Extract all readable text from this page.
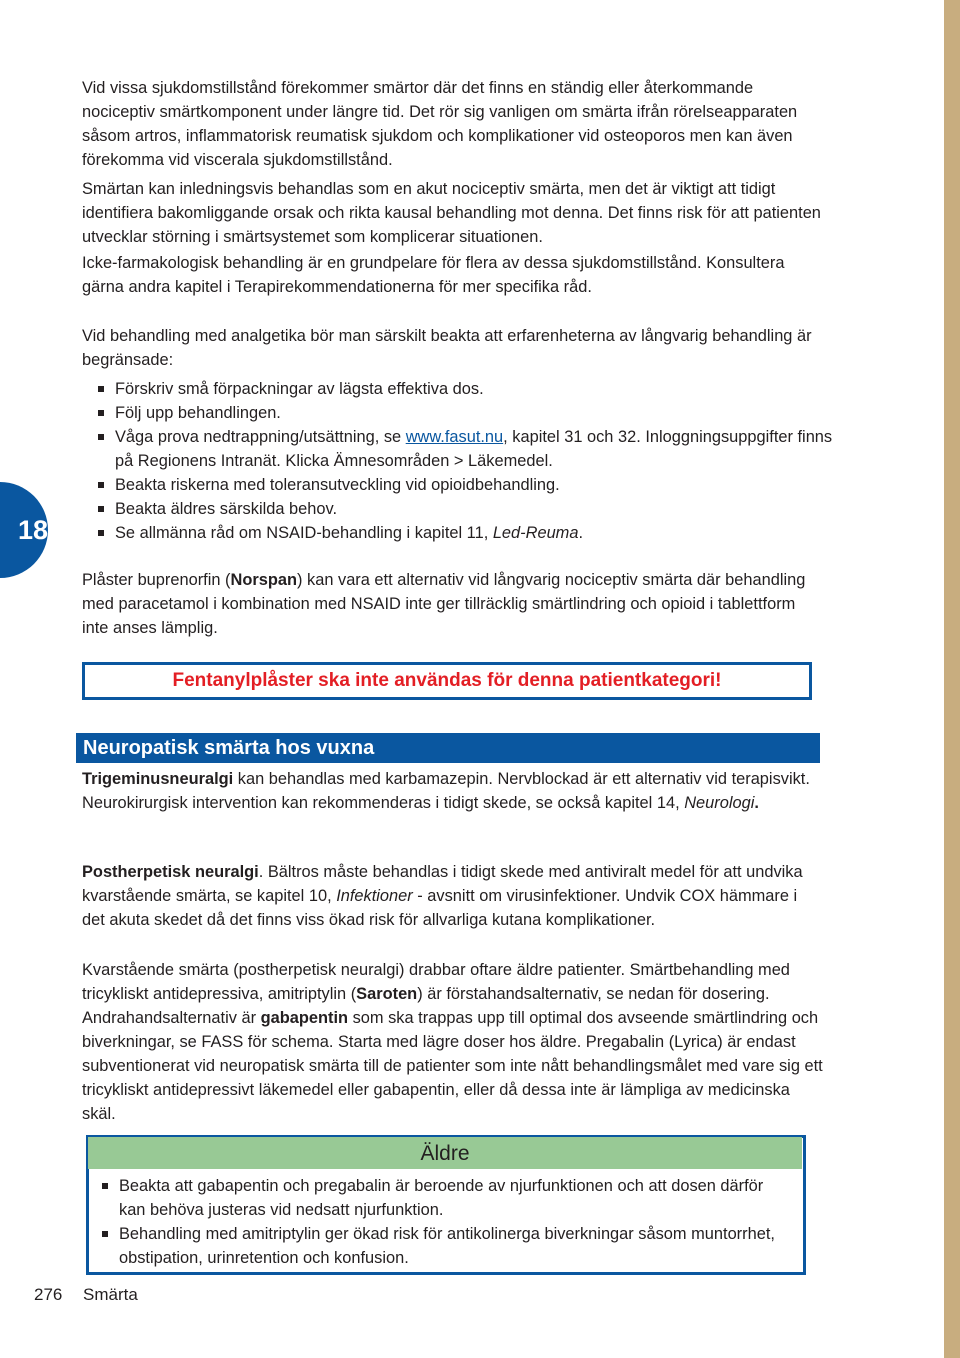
18

Vid vissa sjukdomstillstånd förekommer smärtor där det finns en ständig eller återkommande nociceptiv smärtkomponent under längre tid. Det rör sig vanligen om smärta ifrån rörelseapparaten såsom artros, inflammatorisk reumatisk sjukdom och komplikationer vid osteoporos men kan även förekomma vid viscerala sjukdomstillstånd.

Smärtan kan inledningsvis behandlas som en akut nociceptiv smärta, men det är viktigt att tidigt identifiera bakomliggande orsak och rikta kausal behandling mot denna. Det finns risk för att patienten utvecklar störning i smärtsystemet som komplicerar situationen.

Icke-farmakologisk behandling är en grundpelare för flera av dessa sjukdomstillstånd. Konsultera gärna andra kapitel i Terapirekommendationerna för mer specifika råd.

Vid behandling med analgetika bör man särskilt beakta att erfarenheterna av långvarig behandling är begränsade:

Förskriv små förpackningar av lägsta effektiva dos.
Följ upp behandlingen.
Våga prova nedtrappning/utsättning, se www.fasut.nu, kapitel 31 och 32. Inloggningsuppgifter finns på Regionens Intranät. Klicka Ämnesområden > Läkemedel.
Beakta riskerna med toleransutveckling vid opioidbehandling.
Beakta äldres särskilda behov.
Se allmänna råd om NSAID-behandling i kapitel 11, Led-Reuma.

Plåster buprenorfin (Norspan) kan vara ett alternativ vid långvarig nociceptiv smärta där behandling med paracetamol i kombination med NSAID inte ger tillräcklig smärtlindring och opioid i tablettform inte anses lämplig.

Fentanylplåster ska inte användas för denna patientkategori!
Neuropatisk smärta hos vuxna

Trigeminusneuralgi kan behandlas med karbamazepin. Nervblockad är ett alternativ vid terapisvikt. Neurokirurgisk intervention kan rekommenderas i tidigt skede, se också kapitel 14, Neurologi.

Postherpetisk neuralgi. Bältros måste behandlas i tidigt skede med antiviralt medel för att undvika kvarstående smärta, se kapitel 10, Infektioner - avsnitt om virusinfektioner. Undvik COX hämmare i det akuta skedet då det finns viss ökad risk för allvarliga kutana komplikationer.

Kvarstående smärta (postherpetisk neuralgi) drabbar oftare äldre patienter. Smärtbehandling med tricykliskt antidepressiva, amitriptylin (Saroten) är förstahandsalternativ, se nedan för dosering. Andrahandsalternativ är gabapentin som ska trappas upp till optimal dos avseende smärtlindring och biverkningar, se FASS för schema. Starta med lägre doser hos äldre. Pregabalin (Lyrica) är endast subventionerat vid neuropatisk smärta till de patienter som inte nått behandlingsmålet med vare sig ett tricykliskt antidepressivt läkemedel eller gabapentin, eller då dessa inte är lämpliga av medicinska skäl.

Äldre
Beakta att gabapentin och pregabalin är beroende av njurfunktionen och att dosen därför kan behöva justeras vid nedsatt njurfunktion.
Behandling med amitriptylin ger ökad risk för antikolinerga biverkningar såsom muntorrhet, obstipation, urinretention och konfusion.
276 Smärta
